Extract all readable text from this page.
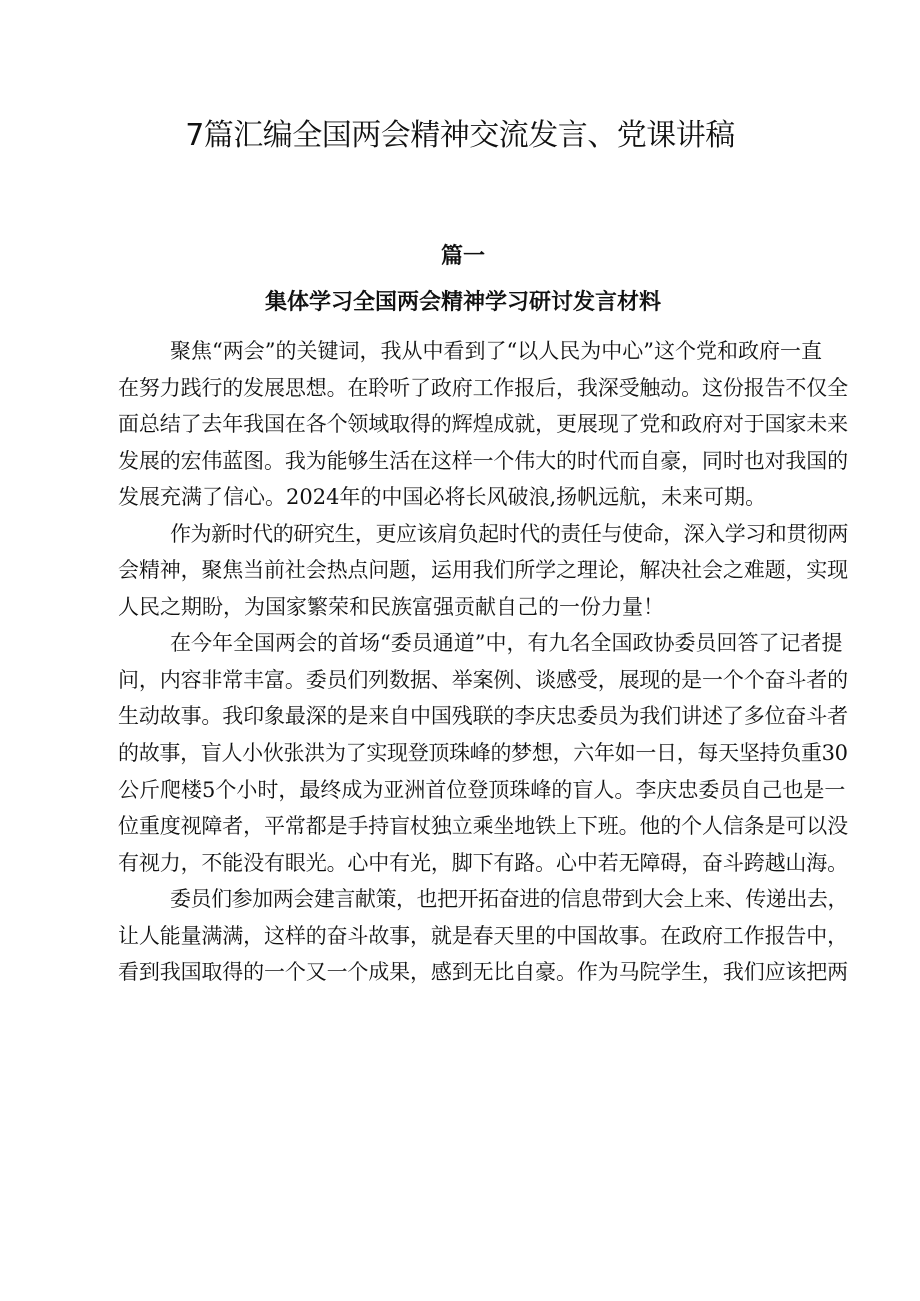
7篇汇编全国两会精神交流发言、党课讲稿
篇一
集体学习全国两会精神学习研讨发言材料
聚焦“两会”的关键词，我从中看到了“以人民为中心”这个党和政府一直
在努力践行的发展思想。在聆听了政府工作报后，我深受触动。这份报告不仅全
面总结了去年我国在各个领域取得的辉煌成就，更展现了党和政府对于国家未来
发展的宏伟蓝图。我为能够生活在这样一个伟大的时代而自豪，同时也对我国的
发展充满了信心。2024年的中国必将长风破浪,扬帆远航，未来可期。
作为新时代的研究生，更应该肩负起时代的责任与使命，深入学习和贯彻两
会精神，聚焦当前社会热点问题，运用我们所学之理论，解决社会之难题，实现
人民之期盼，为国家繁荣和民族富强贡献自己的一份力量！
在今年全国两会的首场“委员通道”中，有九名全国政协委员回答了记者提
问，内容非常丰富。委员们列数据、举案例、谈感受，展现的是一个个奋斗者的
生动故事。我印象最深的是来自中国残联的李庆忠委员为我们讲述了多位奋斗者
的故事，盲人小伙张洪为了实现登顶珠峰的梦想，六年如一日，每天坚持负重30
公斤爬楼5个小时，最终成为亚洲首位登顶珠峰的盲人。李庆忠委员自己也是一
位重度视障者，平常都是手持盲杖独立乘坐地铁上下班。他的个人信条是可以没
有视力，不能没有眼光。心中有光，脚下有路。心中若无障碍，奋斗跨越山海。
委员们参加两会建言献策，也把开拓奋进的信息带到大会上来、传递出去，
让人能量满满，这样的奋斗故事，就是春天里的中国故事。在政府工作报告中，
看到我国取得的一个又一个成果，感到无比自豪。作为马院学生，我们应该把两
